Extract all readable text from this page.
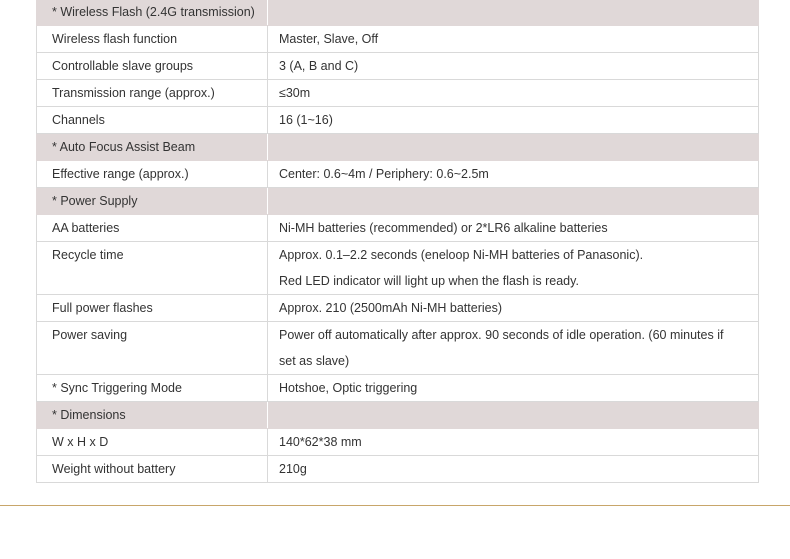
* Wireless Flash (2.4G transmission)	
Wireless flash function	Master, Slave, Off

Controllable slave groups	3 (A, B and C)

Transmission range (approx.)	≤30m

Channels	16 (1~16)

* Auto Focus Assist Beam	
Effective range (approx.)	Center: 0.6~4m / Periphery: 0.6~2.5m

* Power Supply	
AA batteries	Ni-MH batteries (recommended) or 2*LR6 alkaline batteries

Recycle time	Approx. 0.1–2.2 seconds (eneloop Ni-MH batteries of Panasonic).
Red LED indicator will light up when the flash is ready.

Full power flashes	Approx. 210 (2500mAh Ni-MH batteries)

Power saving	Power off automatically after approx. 90 seconds of idle operation. (60 minutes if
set as slave)

* Sync Triggering Mode	Hotshoe, Optic triggering

* Dimensions	
W x H x D	140*62*38 mm

Weight without battery	210g
